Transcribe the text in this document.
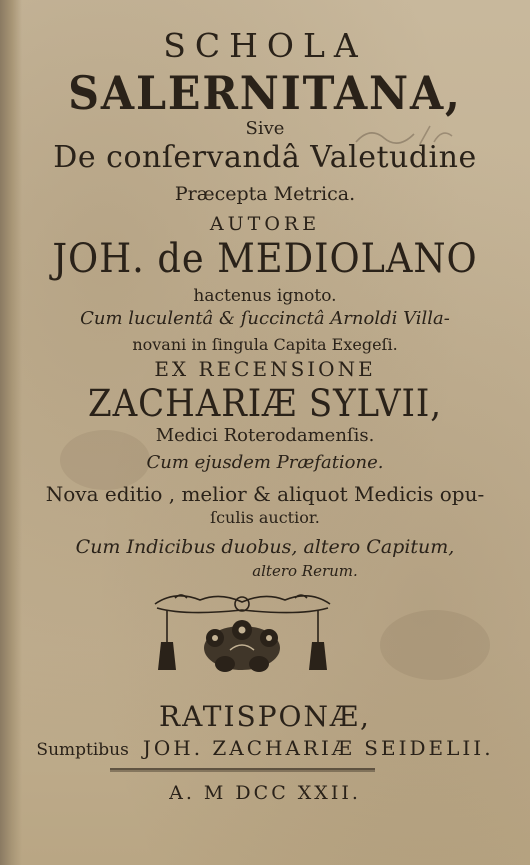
SCHOLA
SALERNITANA,
Sive
De conſervandâ Valetudine
Præcepta Metrica.
AUTORE
JOH. de MEDIOLANO
hactenus ignoto.
Cum luculentâ & ſuccinctâ Arnoldi Villa-
novani in ſingula Capita Exegeſi.
EX RECENSIONE
ZACHARIÆ SYLVII,
Medici Roterodamenſis.
Cum ejusdem Præfatione.
Nova editio , melior & aliquot Medicis opu-
ſculis auctior.
Cum Indicibus duobus, altero Capitum,
altero Rerum.
RATISPONÆ,
Sumptibus JOH. ZACHARIÆ SEIDELII.
A. M DCC XXII.
